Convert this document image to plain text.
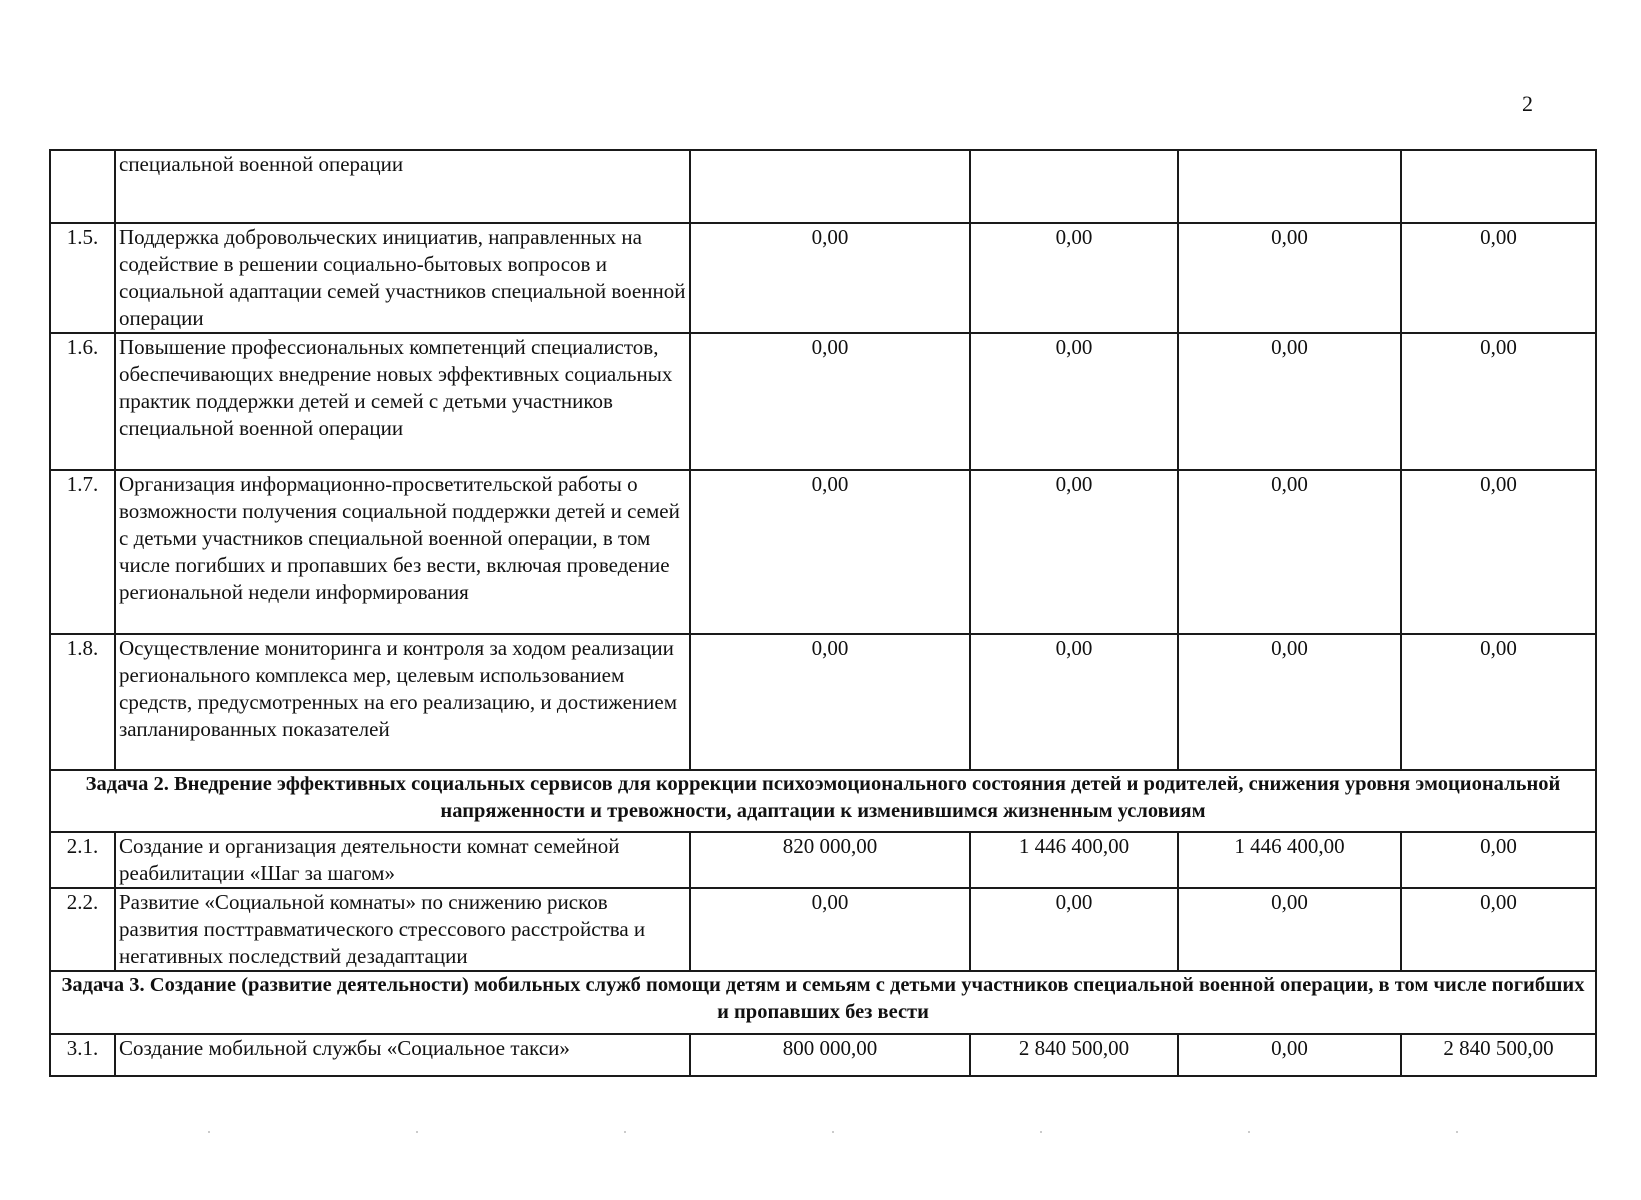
2
	специальной военной операции				
1.5.	Поддержка добровольческих инициатив, направленных на содействие в решении социально-бытовых вопросов и социальной адаптации семей участников специальной военной операции	0,00	0,00	0,00	0,00
1.6.	Повышение профессиональных компетенций специалистов, обеспечивающих внедрение новых эффективных социальных практик поддержки детей и семей с детьми участников специальной военной операции	0,00	0,00	0,00	0,00
1.7.	Организация информационно-просветительской работы о возможности получения социальной поддержки детей и семей с детьми участников специальной военной операции, в том числе погибших и пропавших без вести, включая проведение региональной недели информирования	0,00	0,00	0,00	0,00
1.8.	Осуществление мониторинга и контроля за ходом реализации регионального комплекса мер, целевым использованием средств, предусмотренных на его реализацию, и достижением запланированных показателей	0,00	0,00	0,00	0,00
Задача 2. Внедрение эффективных социальных сервисов для коррекции психоэмоционального состояния детей и родителей, снижения уровня эмоциональной напряженности и тревожности, адаптации к изменившимся жизненным условиям					
2.1.	Создание и организация деятельности комнат семейной реабилитации «Шаг за шагом»	820 000,00	1 446 400,00	1 446 400,00	0,00
2.2.	Развитие «Социальной комнаты» по снижению рисков развития посттравматического стрессового расстройства и негативных последствий дезадаптации	0,00	0,00	0,00	0,00
Задача 3. Создание (развитие деятельности) мобильных служб помощи детям и семьям с детьми участников специальной военной операции, в том числе погибших и пропавших без вести					
3.1.	Создание мобильной службы «Социальное такси»	800 000,00	2 840 500,00	0,00	2 840 500,00
